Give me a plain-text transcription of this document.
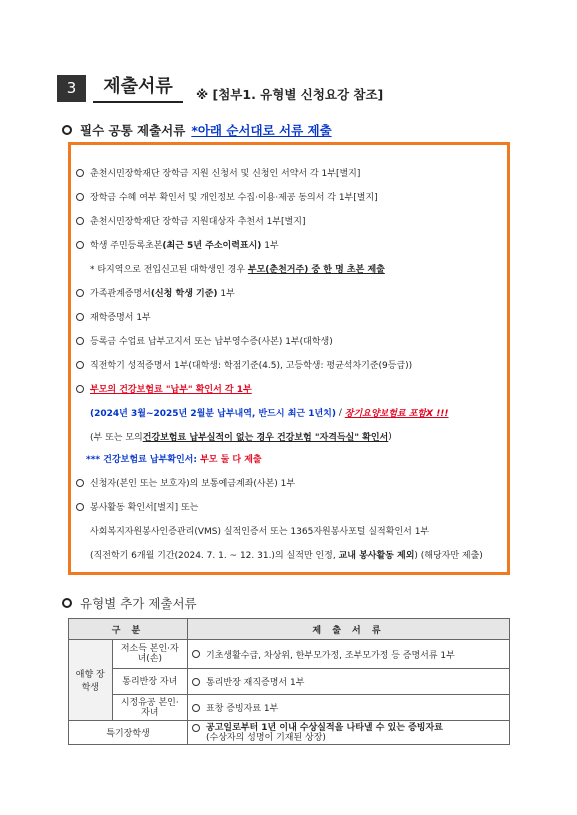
3	제출서류	※ [첨부1. 유형별 신청요강 참조]
필수 공통 제출서류 *아래 순서대로 서류 제출
춘천시민장학재단 장학금 지원 신청서 및 신청인 서약서 각 1부[별지]
장학금 수혜 여부 확인서 및 개인정보 수집·이용·제공 동의서 각 1부[별지]
춘천시민장학재단 장학금 지원대상자 추천서 1부[별지]
학생 주민등록초본 (최근 5년 주소이력표시) 1부
* 타지역으로 전입신고된 대학생인 경우 부모(춘천거주) 중 한 명 초본 제출
가족관계증명서 (신청 학생 기준) 1부
재학증명서 1부
등록금 수업료 납부고지서 또는 납부영수증(사본) 1부(대학생)
직전학기 성적증명서 1부(대학생: 학점기준(4.5), 고등학생: 평균석차기준(9등급))
부모의 건강보험료 "납부" 확인서 각 1부
(2024년 3월~2025년 2월분 납부내역, 반드시 최근 1년치) / 장기요양보험료 포함X !!!
(부 또는 모의 건강보험료 납부실적이 없는 경우 건강보험 "자격득실" 확인서 )
*** 건강보험료 납부확인서: 부모 둘 다 제출
신청자(본인 또는 보호자)의 보통예금계좌(사본) 1부
봉사활동 확인서[별지] 또는
사회복지자원봉사인증관리(VMS) 실적인증서 또는 1365자원봉사포털 실적확인서 1부
(직전학기 6개월 기간(2024. 7. 1. ~ 12. 31.)의 실적만 인정, 교내 봉사활동 제외 ) (해당자만 제출)
유형별 추가 제출서류
구 분		제 출 서 류
애향 장학생	저소득 본인·자녀(손)	기초생활수급, 차상위, 한부모가정, 조부모가정 등 증명서류 1부

	통리반장 자녀	통리반장 재직증명서 1부

	시정유공 본인·자녀	표창 증빙자료 1부

특기장학생		공고일로부터 1년 이내 수상실적을 나타낼 수 있는 증빙자료
(수상자의 성명이 기재된 상장)
